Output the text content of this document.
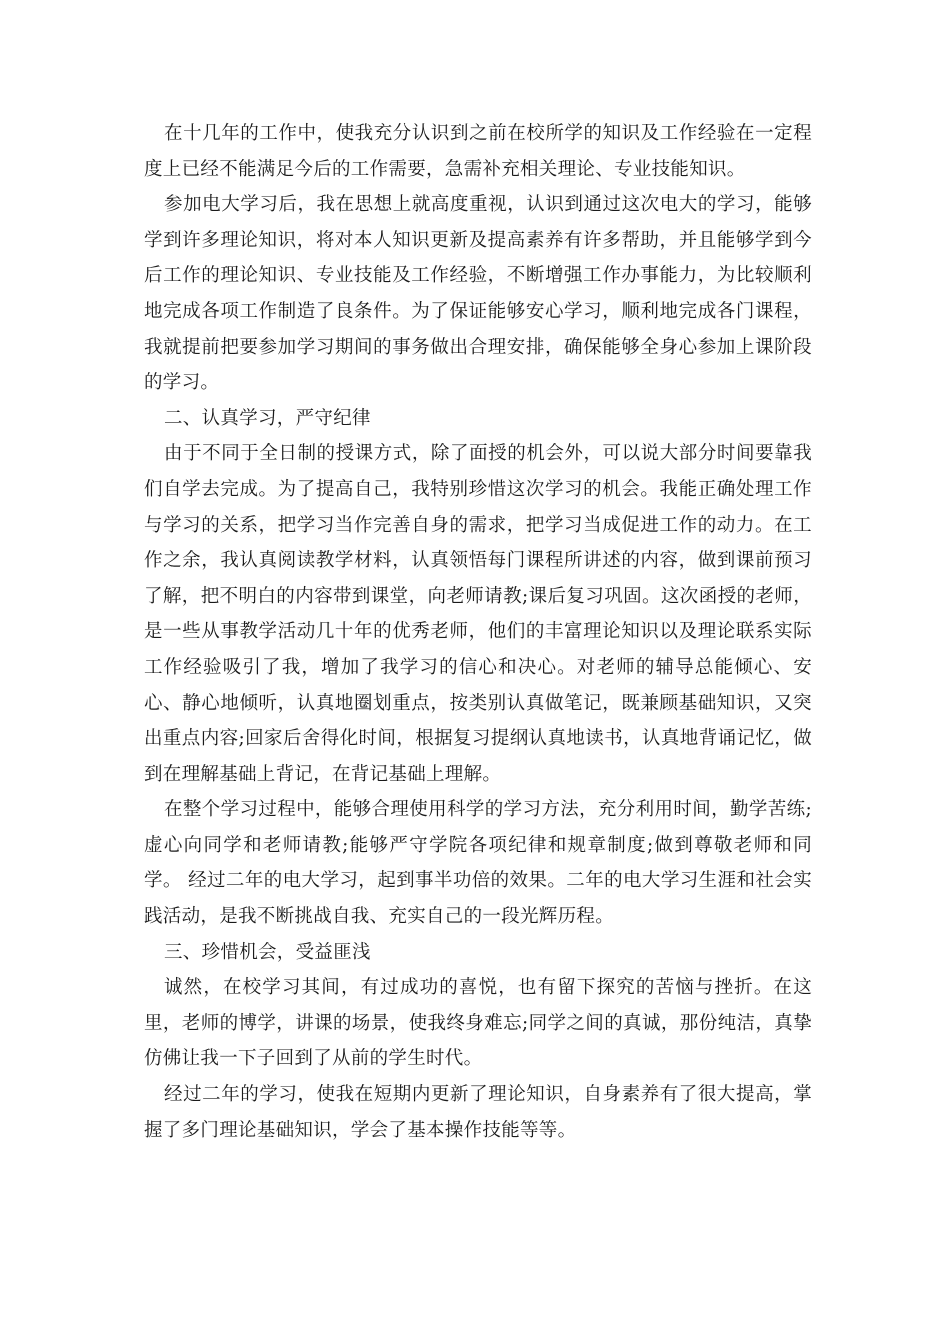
在十几年的工作中，使我充分认识到之前在校所学的知识及工作经验在一定程度上已经不能满足今后的工作需要，急需补充相关理论、专业技能知识。

参加电大学习后，我在思想上就高度重视，认识到通过这次电大的学习，能够学到许多理论知识，将对本人知识更新及提高素养有许多帮助，并且能够学到今后工作的理论知识、专业技能及工作经验，不断增强工作办事能力，为比较顺利地完成各项工作制造了良条件。为了保证能够安心学习，顺利地完成各门课程，我就提前把要参加学习期间的事务做出合理安排，确保能够全身心参加上课阶段的学习。

二、认真学习，严守纪律

由于不同于全日制的授课方式，除了面授的机会外，可以说大部分时间要靠我们自学去完成。为了提高自己，我特别珍惜这次学习的机会。我能正确处理工作与学习的关系，把学习当作完善自身的需求，把学习当成促进工作的动力。在工作之余，我认真阅读教学材料，认真领悟每门课程所讲述的内容，做到课前预习了解，把不明白的内容带到课堂，向老师请教;课后复习巩固。这次函授的老师，是一些从事教学活动几十年的优秀老师，他们的丰富理论知识以及理论联系实际工作经验吸引了我，增加了我学习的信心和决心。对老师的辅导总能倾心、安心、静心地倾听，认真地圈划重点，按类别认真做笔记，既兼顾基础知识，又突出重点内容;回家后舍得化时间，根据复习提纲认真地读书，认真地背诵记忆，做到在理解基础上背记，在背记基础上理解。

在整个学习过程中，能够合理使用科学的学习方法，充分利用时间，勤学苦练;虚心向同学和老师请教;能够严守学院各项纪律和规章制度;做到尊敬老师和同学。 经过二年的电大学习，起到事半功倍的效果。二年的电大学习生涯和社会实践活动，是我不断挑战自我、充实自己的一段光辉历程。

三、珍惜机会，受益匪浅

诚然，在校学习其间，有过成功的喜悦，也有留下探究的苦恼与挫折。在这里，老师的博学，讲课的场景，使我终身难忘;同学之间的真诚，那份纯洁，真挚仿佛让我一下子回到了从前的学生时代。

经过二年的学习，使我在短期内更新了理论知识，自身素养有了很大提高，掌握了多门理论基础知识，学会了基本操作技能等等。
